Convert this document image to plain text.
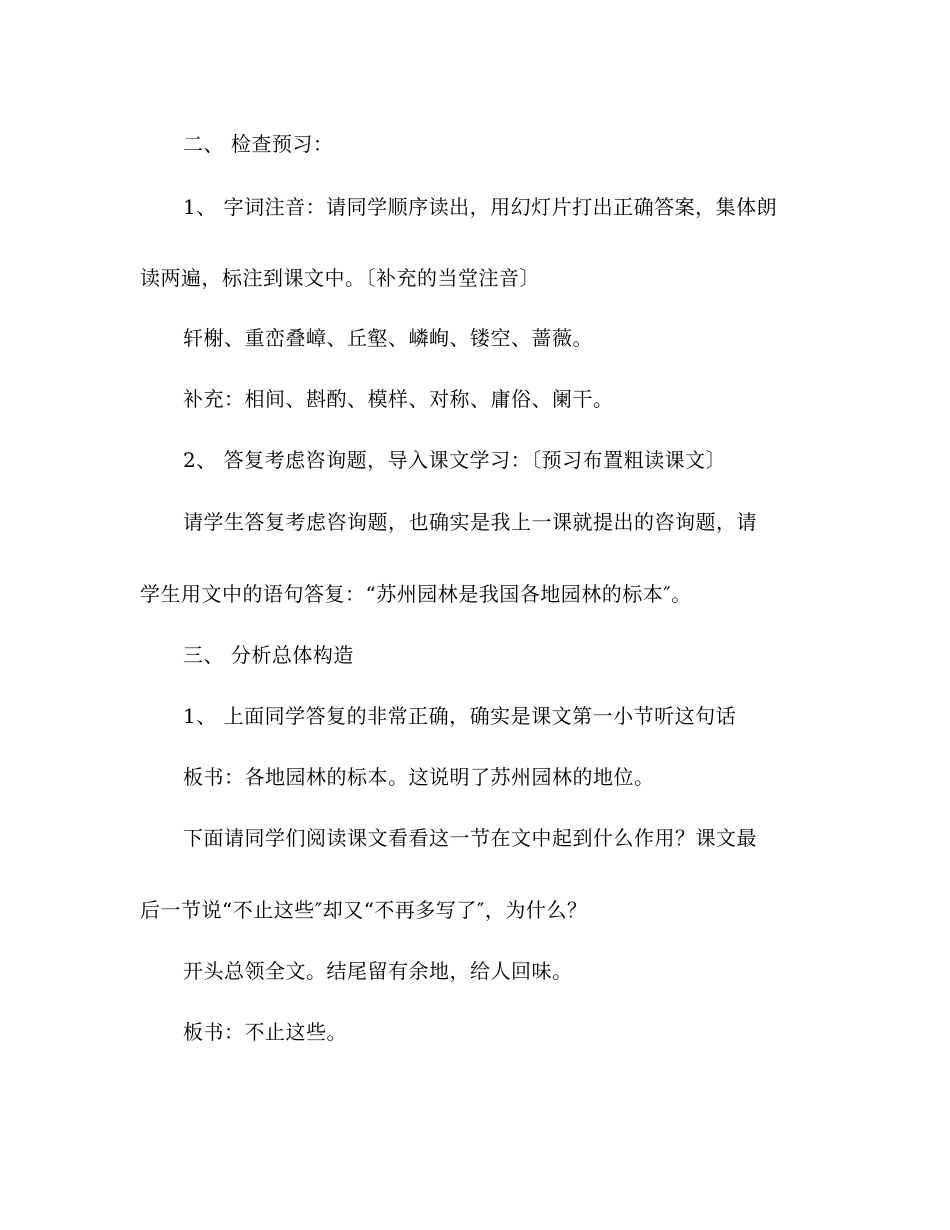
二、 检查预习：
1、 字词注音：请同学顺序读出，用幻灯片打出正确答案，集体朗
读两遍，标注到课文中。〔补充的当堂注音〕
轩榭、重峦叠嶂、丘壑、嶙峋、镂空、蔷薇。
补充：相间、斟酌、模样、对称、庸俗、阑干。
2、 答复考虑咨询题，导入课文学习：〔预习布置粗读课文〕
请学生答复考虑咨询题，也确实是我上一课就提出的咨询题，请
学生用文中的语句答复：“苏州园林是我国各地园林的标本″。
三、 分析总体构造
1、 上面同学答复的非常正确，确实是课文第一小节听这句话
板书：各地园林的标本。这说明了苏州园林的地位。
下面请同学们阅读课文看看这一节在文中起到什么作用？课文最
后一节说“不止这些″却又“不再多写了″，为什么？
开头总领全文。结尾留有余地，给人回味。
板书：不止这些。
